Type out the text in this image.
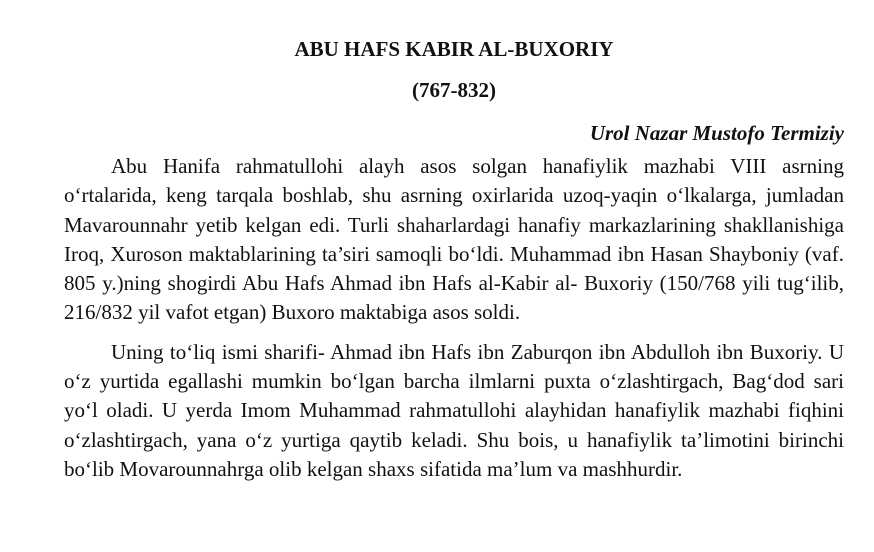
ABU HAFS KABIR AL-BUXORIY
(767-832)
Urol Nazar Mustofo Termiziy

Abu Hanifa rahmatullohi alayh asos solgan hanafiylik mazhabi VIII asrning o‘rtalarida, keng tarqala boshlab, shu asrning oxirlarida uzoq-yaqin o‘lkalarga, jumladan Mavarounnahr yetib kelgan edi. Turli shaharlardagi hanafiy markazlarining shakllanishiga Iroq, Xuroson maktablarining ta’siri samoqli bo‘ldi. Muhammad ibn Hasan Shayboniy (vaf. 805 y.)ning shogirdi Abu Hafs Ahmad ibn Hafs al-Kabir al- Buxoriy (150/768 yili tug‘ilib, 216/832 yil vafot etgan) Buxoro maktabiga asos soldi.

Uning to‘liq ismi sharifi- Ahmad ibn Hafs ibn Zaburqon ibn Abdulloh ibn Buxoriy. U o‘z yurtida egallashi mumkin bo‘lgan barcha ilmlarni puxta o‘zlashtirgach, Bag‘dod sari yo‘l oladi. U yerda Imom Muhammad rahmatullohi alayhidan hanafiylik mazhabi fiqhini o‘zlashtirgach, yana o‘z yurtiga qaytib keladi. Shu bois, u hanafiylik ta’limotini birinchi bo‘lib Movarounnahrga olib kelgan shaxs sifatida ma’lum va mashhurdir.
